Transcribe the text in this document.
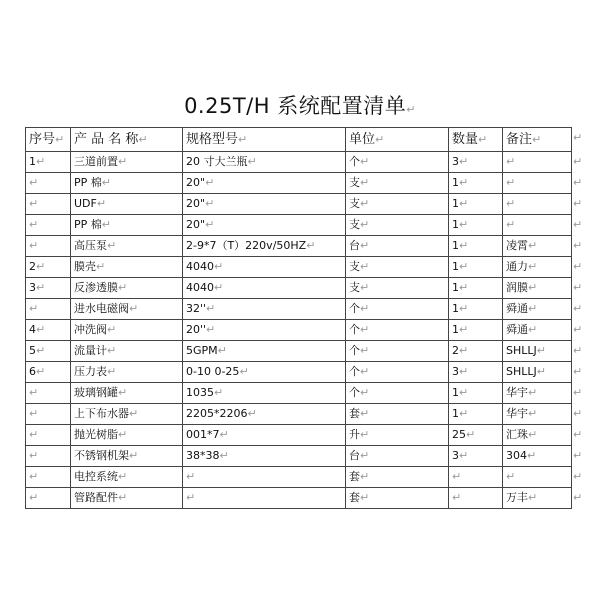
0.25T/H 系统配置清单↵
序号↵	产 品 名 称↵	规格型号↵	单位↵	数量↵	备注↵
1↵	三道前置↵	20 寸大兰瓶↵	个↵	3↵	↵
↵	PP 棉↵	20"↵	支↵	1↵	↵
↵	UDF↵	20"↵	支↵	1↵	↵
↵	PP 棉↵	20"↵	支↵	1↵	↵
↵	高压泵↵	2-9*7（T）220v/50HZ↵	台↵	1↵	凌霄↵
2↵	膜壳↵	4040↵	支↵	1↵	通力↵
3↵	反渗透膜↵	4040↵	支↵	1↵	润膜↵
↵	进水电磁阀↵	32''↵	个↵	1↵	舜通↵
4↵	冲洗阀↵	20''↵	个↵	1↵	舜通↵
5↵	流量计↵	5GPM↵	个↵	2↵	SHLLJ↵
6↵	压力表↵	0-10 0-25↵	个↵	3↵	SHLLJ↵
↵	玻璃钢罐↵	1035↵	个↵	1↵	华宇↵
↵	上下布水器↵	2205*2206↵	套↵	1↵	华宇↵
↵	抛光树脂↵	001*7↵	升↵	25↵	汇珠↵
↵	不锈钢机架↵	38*38↵	台↵	3↵	304↵
↵	电控系统↵	↵	套↵	↵	↵
↵	管路配件↵	↵	套↵	↵	万丰↵
↵
↵
↵
↵
↵
↵
↵
↵
↵
↵
↵
↵
↵
↵
↵
↵
↵
↵
